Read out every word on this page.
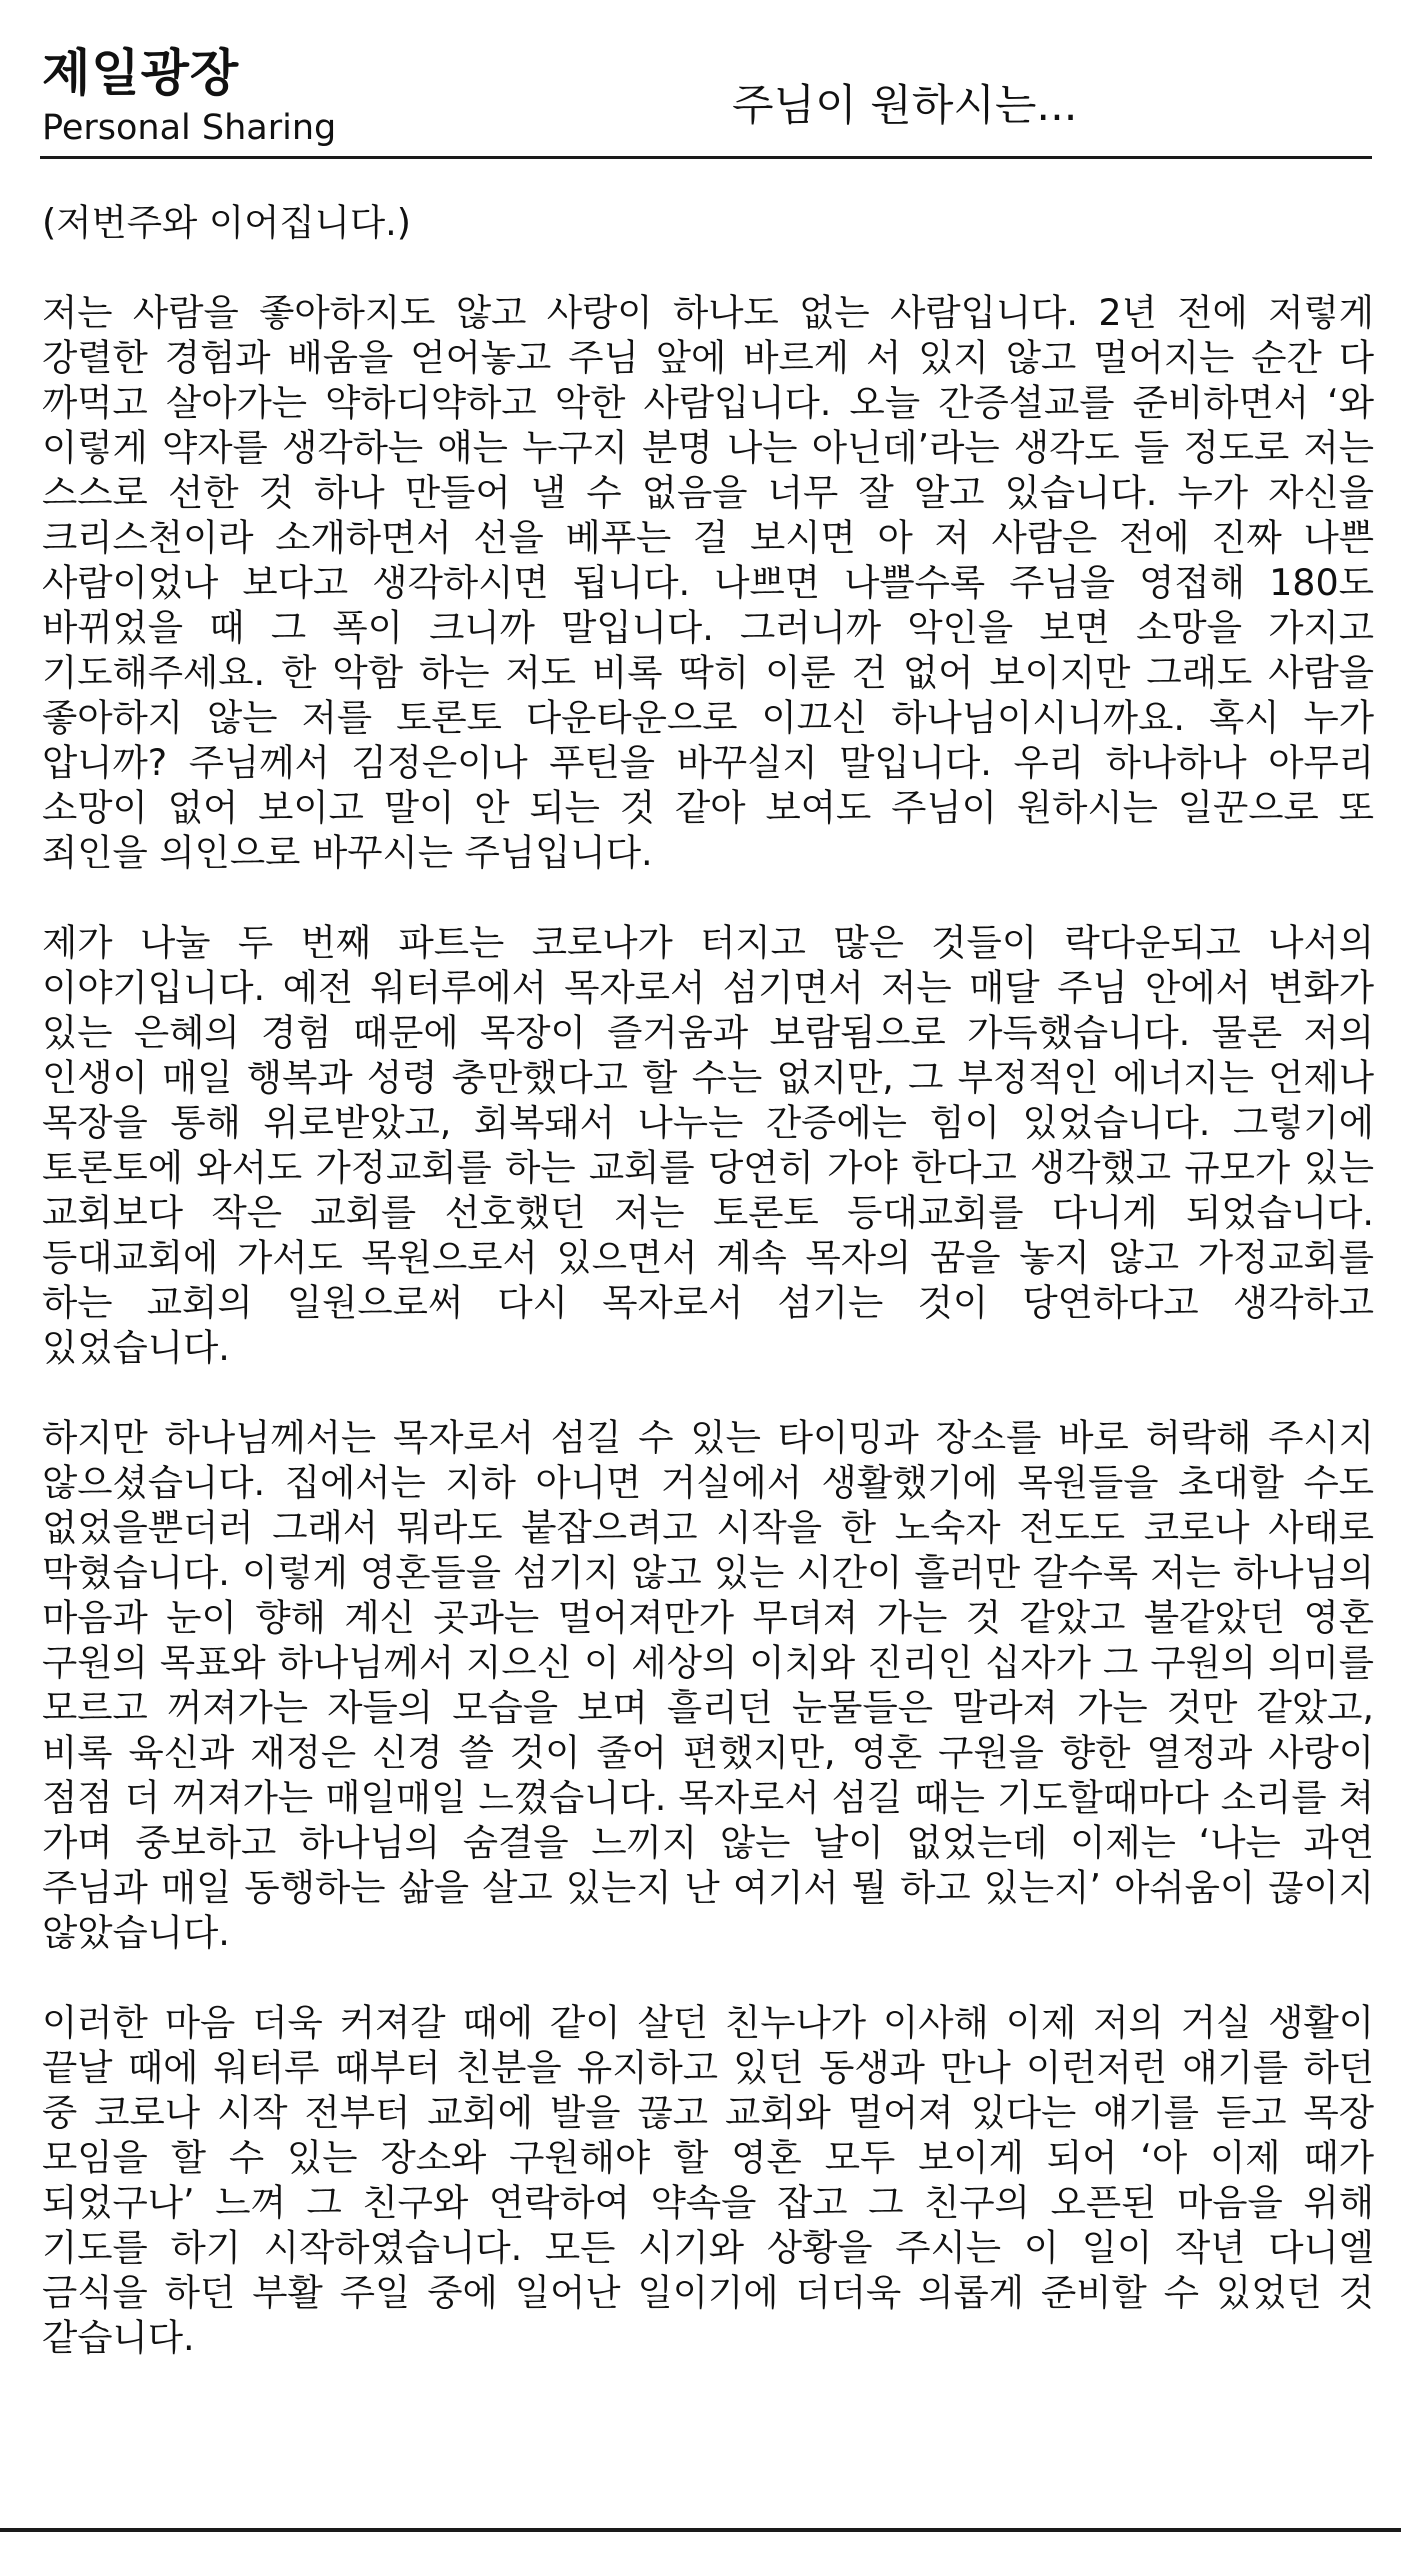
제일광장
Personal Sharing	주님이 원하시는...

(저번주와 이어집니다.)

저는 사람을 좋아하지도 않고 사랑이 하나도 없는 사람입니다. 2년 전에 저렇게 강렬한 경험과 배움을 얻어놓고 주님 앞에 바르게 서 있지 않고 멀어지는 순간 다 까먹고 살아가는 약하디약하고 악한 사람입니다. 오늘 간증설교를 준비하면서 ‘와 이렇게 약자를 생각하는 얘는 누구지 분명 나는 아닌데’라는 생각도 들 정도로 저는 스스로 선한 것 하나 만들어 낼 수 없음을 너무 잘 알고 있습니다. 누가 자신을 크리스천이라 소개하면서 선을 베푸는 걸 보시면 아 저 사람은 전에 진짜 나쁜 사람이었나 보다고 생각하시면 됩니다. 나쁘면 나쁠수록 주님을 영접해 180도 바뀌었을 때 그 폭이 크니까 말입니다. 그러니까 악인을 보면 소망을 가지고 기도해주세요. 한 악함 하는 저도 비록 딱히 이룬 건 없어 보이지만 그래도 사람을 좋아하지 않는 저를 토론토 다운타운으로 이끄신 하나님이시니까요. 혹시 누가 압니까? 주님께서 김정은이나 푸틴을 바꾸실지 말입니다. 우리 하나하나 아무리 소망이 없어 보이고 말이 안 되는 것 같아 보여도 주님이 원하시는 일꾼으로 또 죄인을 의인으로 바꾸시는 주님입니다.

제가 나눌 두 번째 파트는 코로나가 터지고 많은 것들이 락다운되고 나서의 이야기입니다. 예전 워터루에서 목자로서 섬기면서 저는 매달 주님 안에서 변화가 있는 은혜의 경험 때문에 목장이 즐거움과 보람됨으로 가득했습니다. 물론 저의 인생이 매일 행복과 성령 충만했다고 할 수는 없지만, 그 부정적인 에너지는 언제나 목장을 통해 위로받았고, 회복돼서 나누는 간증에는 힘이 있었습니다. 그렇기에 토론토에 와서도 가정교회를 하는 교회를 당연히 가야 한다고 생각했고 규모가 있는 교회보다 작은 교회를 선호했던 저는 토론토 등대교회를 다니게 되었습니다. 등대교회에 가서도 목원으로서 있으면서 계속 목자의 꿈을 놓지 않고 가정교회를 하는 교회의 일원으로써 다시 목자로서 섬기는 것이 당연하다고 생각하고 있었습니다.

하지만 하나님께서는 목자로서 섬길 수 있는 타이밍과 장소를 바로 허락해 주시지 않으셨습니다. 집에서는 지하 아니면 거실에서 생활했기에 목원들을 초대할 수도 없었을뿐더러 그래서 뭐라도 붙잡으려고 시작을 한 노숙자 전도도 코로나 사태로 막혔습니다. 이렇게 영혼들을 섬기지 않고 있는 시간이 흘러만 갈수록 저는 하나님의 마음과 눈이 향해 계신 곳과는 멀어져만가 무뎌져 가는 것 같았고 불같았던 영혼 구원의 목표와 하나님께서 지으신 이 세상의 이치와 진리인 십자가 그 구원의 의미를 모르고 꺼져가는 자들의 모습을 보며 흘리던 눈물들은 말라져 가는 것만 같았고, 비록 육신과 재정은 신경 쓸 것이 줄어 편했지만, 영혼 구원을 향한 열정과 사랑이 점점 더 꺼져가는 매일매일 느꼈습니다. 목자로서 섬길 때는 기도할때마다 소리를 쳐 가며 중보하고 하나님의 숨결을 느끼지 않는 날이 없었는데 이제는 ‘나는 과연 주님과 매일 동행하는 삶을 살고 있는지 난 여기서 뭘 하고 있는지’ 아쉬움이 끊이지 않았습니다.

이러한 마음 더욱 커져갈 때에 같이 살던 친누나가 이사해 이제 저의 거실 생활이 끝날 때에 워터루 때부터 친분을 유지하고 있던 동생과 만나 이런저런 얘기를 하던 중 코로나 시작 전부터 교회에 발을 끊고 교회와 멀어져 있다는 얘기를 듣고 목장 모임을 할 수 있는 장소와 구원해야 할 영혼 모두 보이게 되어 ‘아 이제 때가 되었구나’ 느껴 그 친구와 연락하여 약속을 잡고 그 친구의 오픈된 마음을 위해 기도를 하기 시작하였습니다. 모든 시기와 상황을 주시는 이 일이 작년 다니엘 금식을 하던 부활 주일 중에 일어난 일이기에 더더욱 의롭게 준비할 수 있었던 것 같습니다.
